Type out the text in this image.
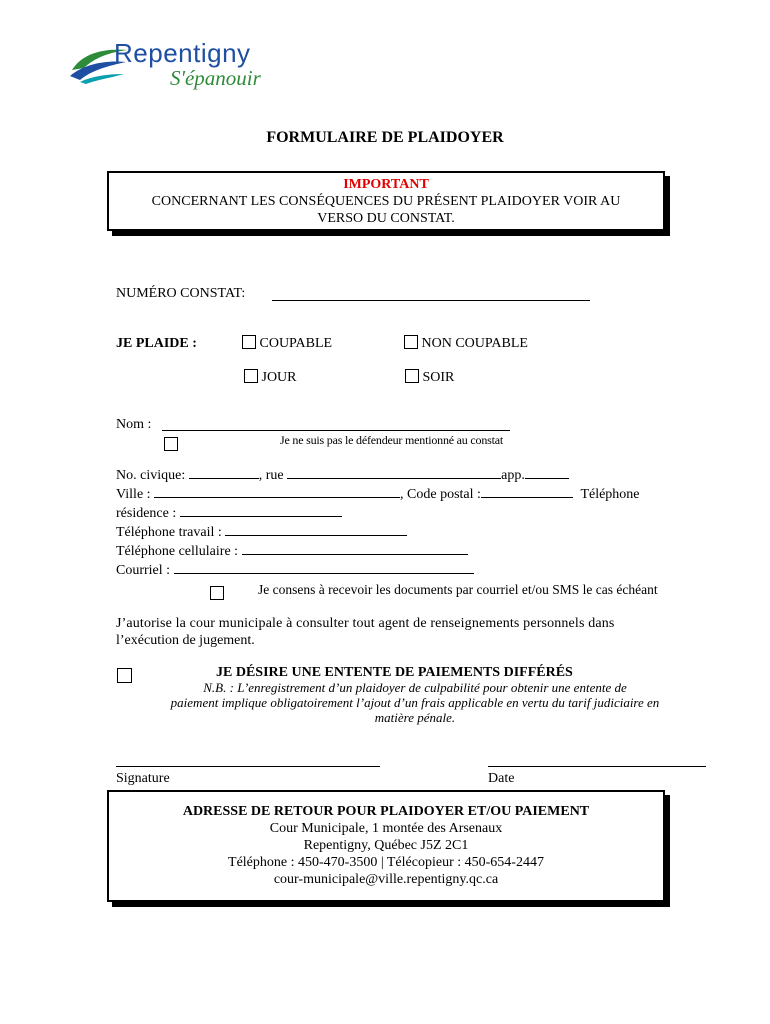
Repentigny
S'épanouir
FORMULAIRE DE PLAIDOYER
IMPORTANT
CONCERNANT LES CONSÉQUENCES DU PRÉSENT PLAIDOYER VOIR AU
VERSO DU CONSTAT.
NUMÉRO CONSTAT:
JE PLAIDE :	COUPABLE	NON COUPABLE
JOUR	SOIR
Nom :
Je ne suis pas le défendeur mentionné au constat
No. civique:	, rue	app.
Ville :	, Code postal :	Téléphone
résidence :
Téléphone travail :
Téléphone cellulaire :
Courriel :
Je consens à recevoir les documents par courriel et/ou SMS le cas échéant
J’autorise la cour municipale à consulter tout agent de renseignements personnels dans
l’exécution de jugement.
JE DÉSIRE UNE ENTENTE DE PAIEMENTS DIFFÉRÉS
N.B. : L’enregistrement d’un plaidoyer de culpabilité pour obtenir une entente de
paiement implique obligatoirement l’ajout d’un frais applicable en vertu du tarif judiciaire en
matière pénale.
Signature	Date
ADRESSE DE RETOUR POUR PLAIDOYER ET/OU PAIEMENT
Cour Municipale, 1 montée des Arsenaux
Repentigny, Québec J5Z 2C1
Téléphone : 450-470-3500 | Télécopieur : 450-654-2447
cour-municipale@ville.repentigny.qc.ca
